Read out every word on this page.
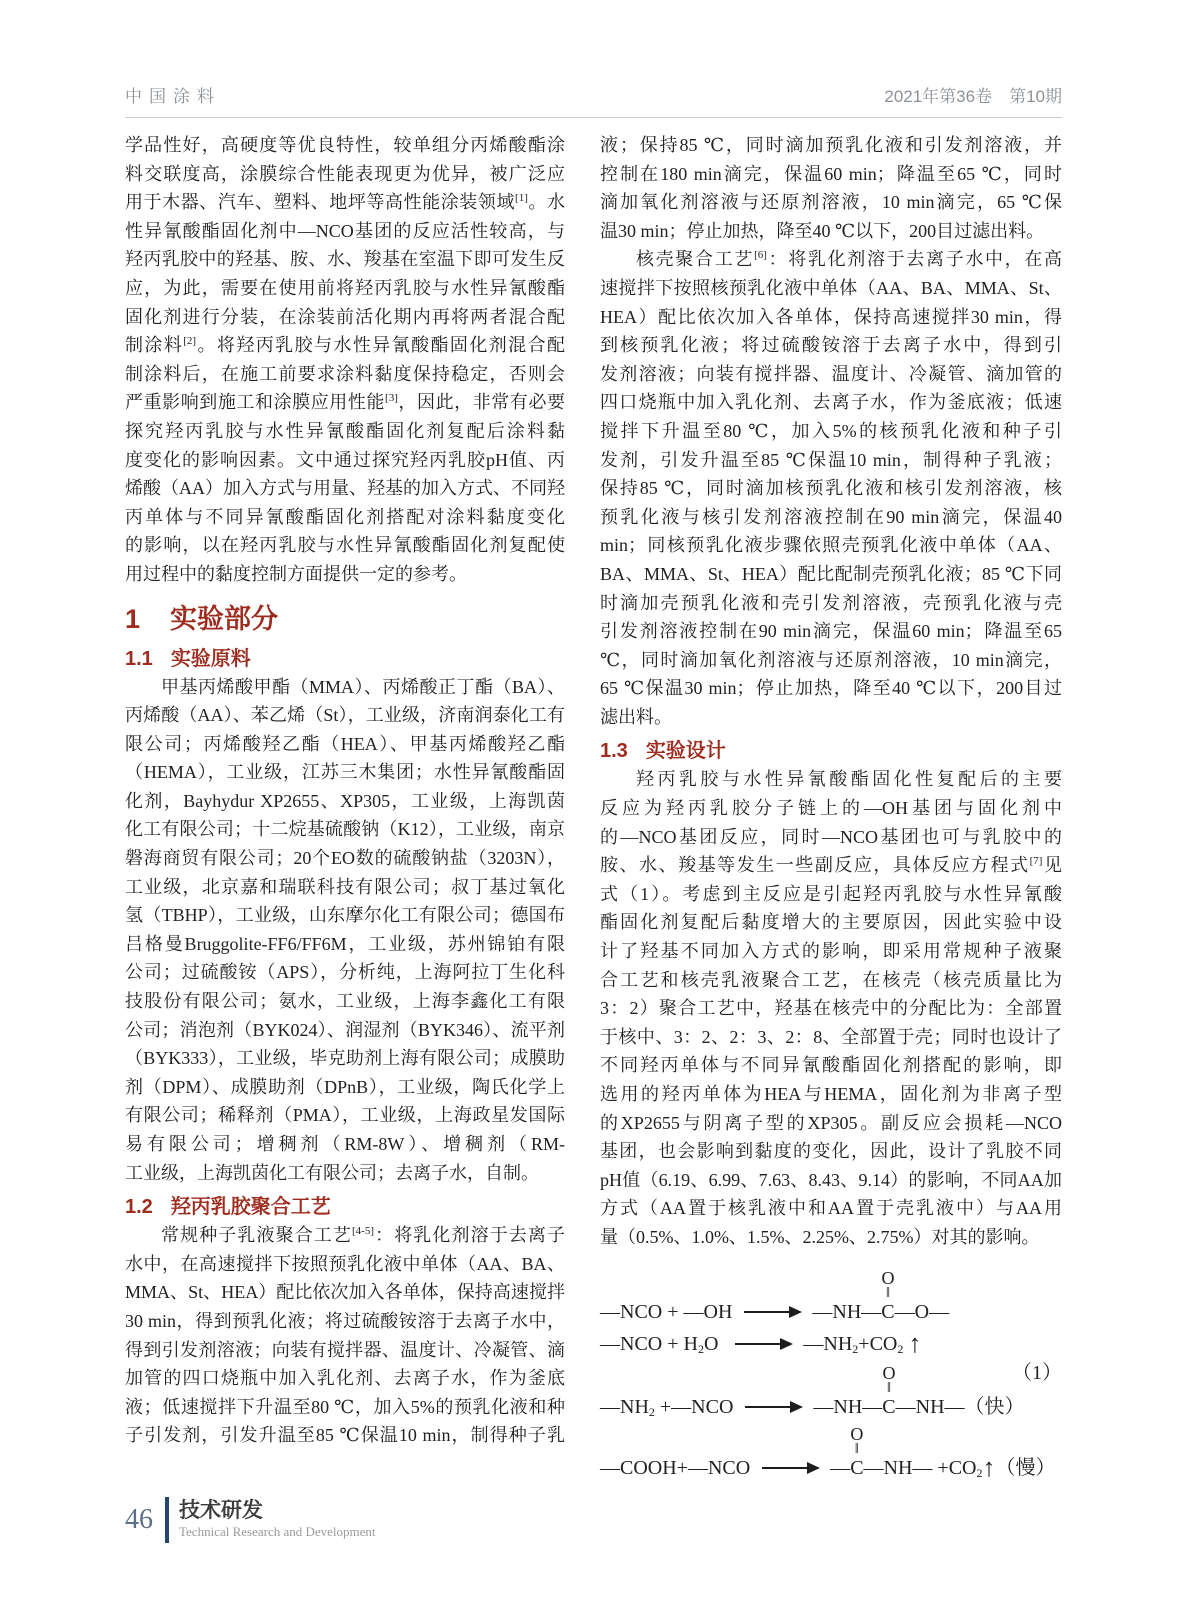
中国涂料	2021年第36卷　第10期
学品性好，高硬度等优良特性，较单组分丙烯酸酯涂
料交联度高，涂膜综合性能表现更为优异，被广泛应
用于木器、汽车、塑料、地坪等高性能涂装领域[1]。水
性异氰酸酯固化剂中—NCO基团的反应活性较高，与
羟丙乳胶中的羟基、胺、水、羧基在室温下即可发生反
应，为此，需要在使用前将羟丙乳胶与水性异氰酸酯
固化剂进行分装，在涂装前活化期内再将两者混合配
制涂料[2]。将羟丙乳胶与水性异氰酸酯固化剂混合配
制涂料后，在施工前要求涂料黏度保持稳定，否则会
严重影响到施工和涂膜应用性能[3]，因此，非常有必要
探究羟丙乳胶与水性异氰酸酯固化剂复配后涂料黏
度变化的影响因素。文中通过探究羟丙乳胶pH值、丙
烯酸（AA）加入方式与用量、羟基的加入方式、不同羟
丙单体与不同异氰酸酯固化剂搭配对涂料黏度变化
的影响，以在羟丙乳胶与水性异氰酸酯固化剂复配使
用过程中的黏度控制方面提供一定的参考。
1 实验部分
1.1 实验原料
甲基丙烯酸甲酯（MMA）、丙烯酸正丁酯（BA）、
丙烯酸（AA）、苯乙烯（St），工业级，济南润泰化工有
限公司；丙烯酸羟乙酯（HEA）、甲基丙烯酸羟乙酯
（HEMA），工业级，江苏三木集团；水性异氰酸酯固
化剂，Bayhydur XP2655、XP305，工业级，上海凯茵
化工有限公司；十二烷基硫酸钠（K12），工业级，南京
磐海商贸有限公司；20个EO数的硫酸钠盐（3203N），
工业级，北京嘉和瑞联科技有限公司；叔丁基过氧化
氢（TBHP），工业级，山东摩尔化工有限公司；德国布
吕格曼Bruggolite-FF6/FF6M，工业级，苏州锦铂有限
公司；过硫酸铵（APS），分析纯，上海阿拉丁生化科
技股份有限公司；氨水，工业级，上海李鑫化工有限
公司；消泡剂（BYK024）、润湿剂（BYK346）、流平剂
（BYK333），工业级，毕克助剂上海有限公司；成膜助
剂（DPM）、成膜助剂（DPnB），工业级，陶氏化学上
有限公司；稀释剂（PMA），工业级，上海政星发国际
易有限公司；增稠剂（RM-8W）、增稠剂（RM-
工业级，上海凯茵化工有限公司；去离子水，自制。
1.2 羟丙乳胶聚合工艺
常规种子乳液聚合工艺[4-5]：将乳化剂溶于去离子
水中，在高速搅拌下按照预乳化液中单体（AA、BA、
MMA、St、HEA）配比依次加入各单体，保持高速搅拌
30 min，得到预乳化液；将过硫酸铵溶于去离子水中，
得到引发剂溶液；向装有搅拌器、温度计、冷凝管、滴
加管的四口烧瓶中加入乳化剂、去离子水，作为釜底
液；低速搅拌下升温至80 ℃，加入5%的预乳化液和种
子引发剂，引发升温至85 ℃保温10 min，制得种子乳
液；保持85 ℃，同时滴加预乳化液和引发剂溶液，并
控制在180 min滴完，保温60 min；降温至65 ℃，同时
滴加氧化剂溶液与还原剂溶液，10 min滴完，65 ℃保
温30 min；停止加热，降至40 ℃以下，200目过滤出料。
核壳聚合工艺[6]：将乳化剂溶于去离子水中，在高
速搅拌下按照核预乳化液中单体（AA、BA、MMA、St、
HEA）配比依次加入各单体，保持高速搅拌30 min，得
到核预乳化液；将过硫酸铵溶于去离子水中，得到引
发剂溶液；向装有搅拌器、温度计、冷凝管、滴加管的
四口烧瓶中加入乳化剂、去离子水，作为釜底液；低速
搅拌下升温至80 ℃，加入5%的核预乳化液和种子引
发剂，引发升温至85 ℃保温10 min，制得种子乳液；
保持85 ℃，同时滴加核预乳化液和核引发剂溶液，核
预乳化液与核引发剂溶液控制在90 min滴完，保温40
min；同核预乳化液步骤依照壳预乳化液中单体（AA、
BA、MMA、St、HEA）配比配制壳预乳化液；85 ℃下同
时滴加壳预乳化液和壳引发剂溶液，壳预乳化液与壳
引发剂溶液控制在90 min滴完，保温60 min；降温至65
℃，同时滴加氧化剂溶液与还原剂溶液，10 min滴完，
65 ℃保温30 min；停止加热，降至40 ℃以下，200目过
滤出料。
1.3 实验设计
羟丙乳胶与水性异氰酸酯固化性复配后的主要
反应为羟丙乳胶分子链上的—OH基团与固化剂中
的—NCO基团反应，同时—NCO基团也可与乳胶中的
胺、水、羧基等发生一些副反应，具体反应方程式[7]见
式（1）。考虑到主反应是引起羟丙乳胶与水性异氰酸
酯固化剂复配后黏度增大的主要原因，因此实验中设
计了羟基不同加入方式的影响，即采用常规种子液聚
合工艺和核壳乳液聚合工艺，在核壳（核壳质量比为
3：2）聚合工艺中，羟基在核壳中的分配比为：全部置
于核中、3：2、2：3、2：8、全部置于壳；同时也设计了
不同羟丙单体与不同异氰酸酯固化剂搭配的影响，即
选用的羟丙单体为HEA与HEMA，固化剂为非离子型
的XP2655与阴离子型的XP305。副反应会损耗—NCO
基团，也会影响到黏度的变化，因此，设计了乳胶不同
pH值（6.19、6.99、7.63、8.43、9.14）的影响，不同AA加
方式（AA置于核乳液中和AA置于壳乳液中）与AA用
量（0.5%、1.0%、1.5%、2.25%、2.75%）对其的影响。
（1）
—NCO + —OH → —NH—
O
‖
C —O—
—NCO + $H_2O$ → $—NH_2+CO_2$ ↑
$—NH_2$ +—NCO → —NH—
O
‖
C —NH—（快）
—COOH+—NCO → —
O
‖
C —NH— $+CO_2↑$（慢）
46 技术研发
Technical Research and Development
